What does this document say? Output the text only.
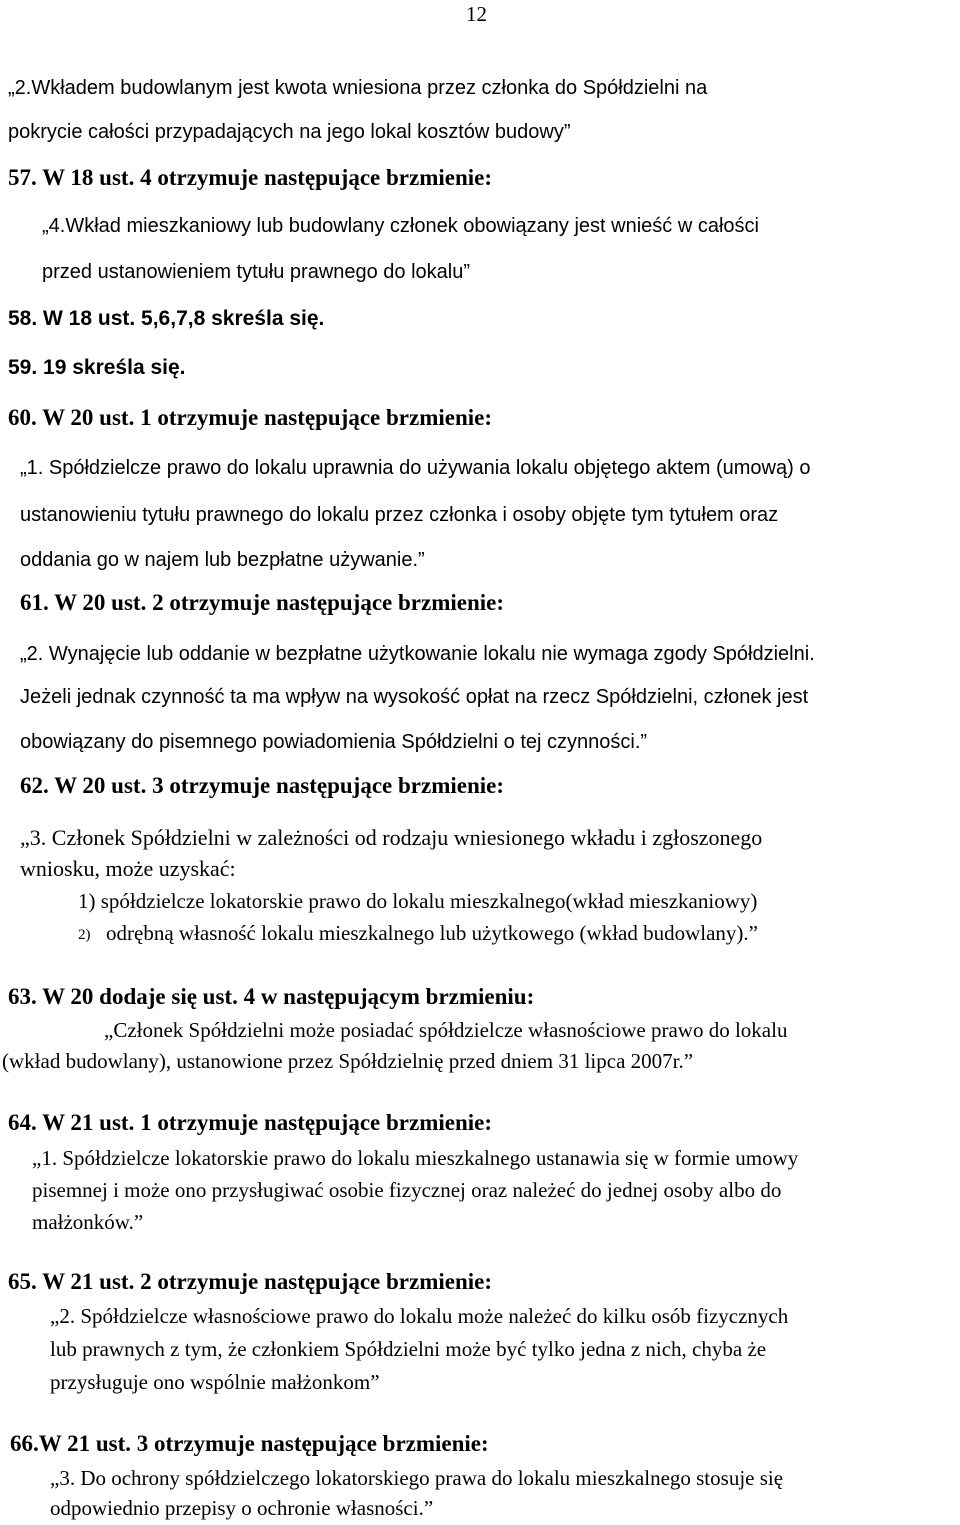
12
„2.Wkładem budowlanym jest kwota wniesiona przez członka do Spółdzielni na
pokrycie całości przypadających na jego lokal kosztów budowy”
57. W 18 ust. 4 otrzymuje następujące brzmienie:
„4.Wkład mieszkaniowy lub budowlany członek obowiązany jest wnieść w całości
przed ustanowieniem tytułu prawnego do lokalu”
58. W 18 ust. 5,6,7,8 skreśla się.
59. 19 skreśla się.
60. W 20 ust. 1 otrzymuje następujące brzmienie:
„1. Spółdzielcze prawo do lokalu uprawnia do używania lokalu objętego aktem (umową) o
ustanowieniu tytułu prawnego do lokalu przez członka i osoby objęte tym tytułem oraz
oddania go w najem lub bezpłatne używanie.”
61. W 20 ust. 2 otrzymuje następujące brzmienie:
„2. Wynajęcie lub oddanie w bezpłatne użytkowanie lokalu nie wymaga zgody Spółdzielni.
Jeżeli jednak czynność ta ma wpływ na wysokość opłat na rzecz Spółdzielni, członek jest
obowiązany do pisemnego powiadomienia Spółdzielni o tej czynności.”
62. W 20 ust. 3 otrzymuje następujące brzmienie:
„3. Członek Spółdzielni w zależności od rodzaju wniesionego wkładu i zgłoszonego
wniosku, może uzyskać:
1) spółdzielcze lokatorskie prawo do lokalu mieszkalnego(wkład mieszkaniowy)
2) odrębną własność lokalu mieszkalnego lub użytkowego (wkład budowlany).”
63. W 20 dodaje się ust. 4 w następującym brzmieniu:
„Członek Spółdzielni może posiadać spółdzielcze własnościowe prawo do lokalu
(wkład budowlany), ustanowione przez Spółdzielnię przed dniem 31 lipca 2007r.”
64. W 21 ust. 1 otrzymuje następujące brzmienie:
„1. Spółdzielcze lokatorskie prawo do lokalu mieszkalnego ustanawia się w formie umowy
pisemnej i może ono przysługiwać osobie fizycznej oraz należeć do jednej osoby albo do
małżonków.”
65. W 21 ust. 2 otrzymuje następujące brzmienie:
„2. Spółdzielcze własnościowe prawo do lokalu może należeć do kilku osób fizycznych
lub prawnych z tym, że członkiem Spółdzielni może być tylko jedna z nich, chyba że
przysługuje ono wspólnie małżonkom”
66.W 21 ust. 3 otrzymuje następujące brzmienie:
„3. Do ochrony spółdzielczego lokatorskiego prawa do lokalu mieszkalnego stosuje się
odpowiednio przepisy o ochronie własności.”
